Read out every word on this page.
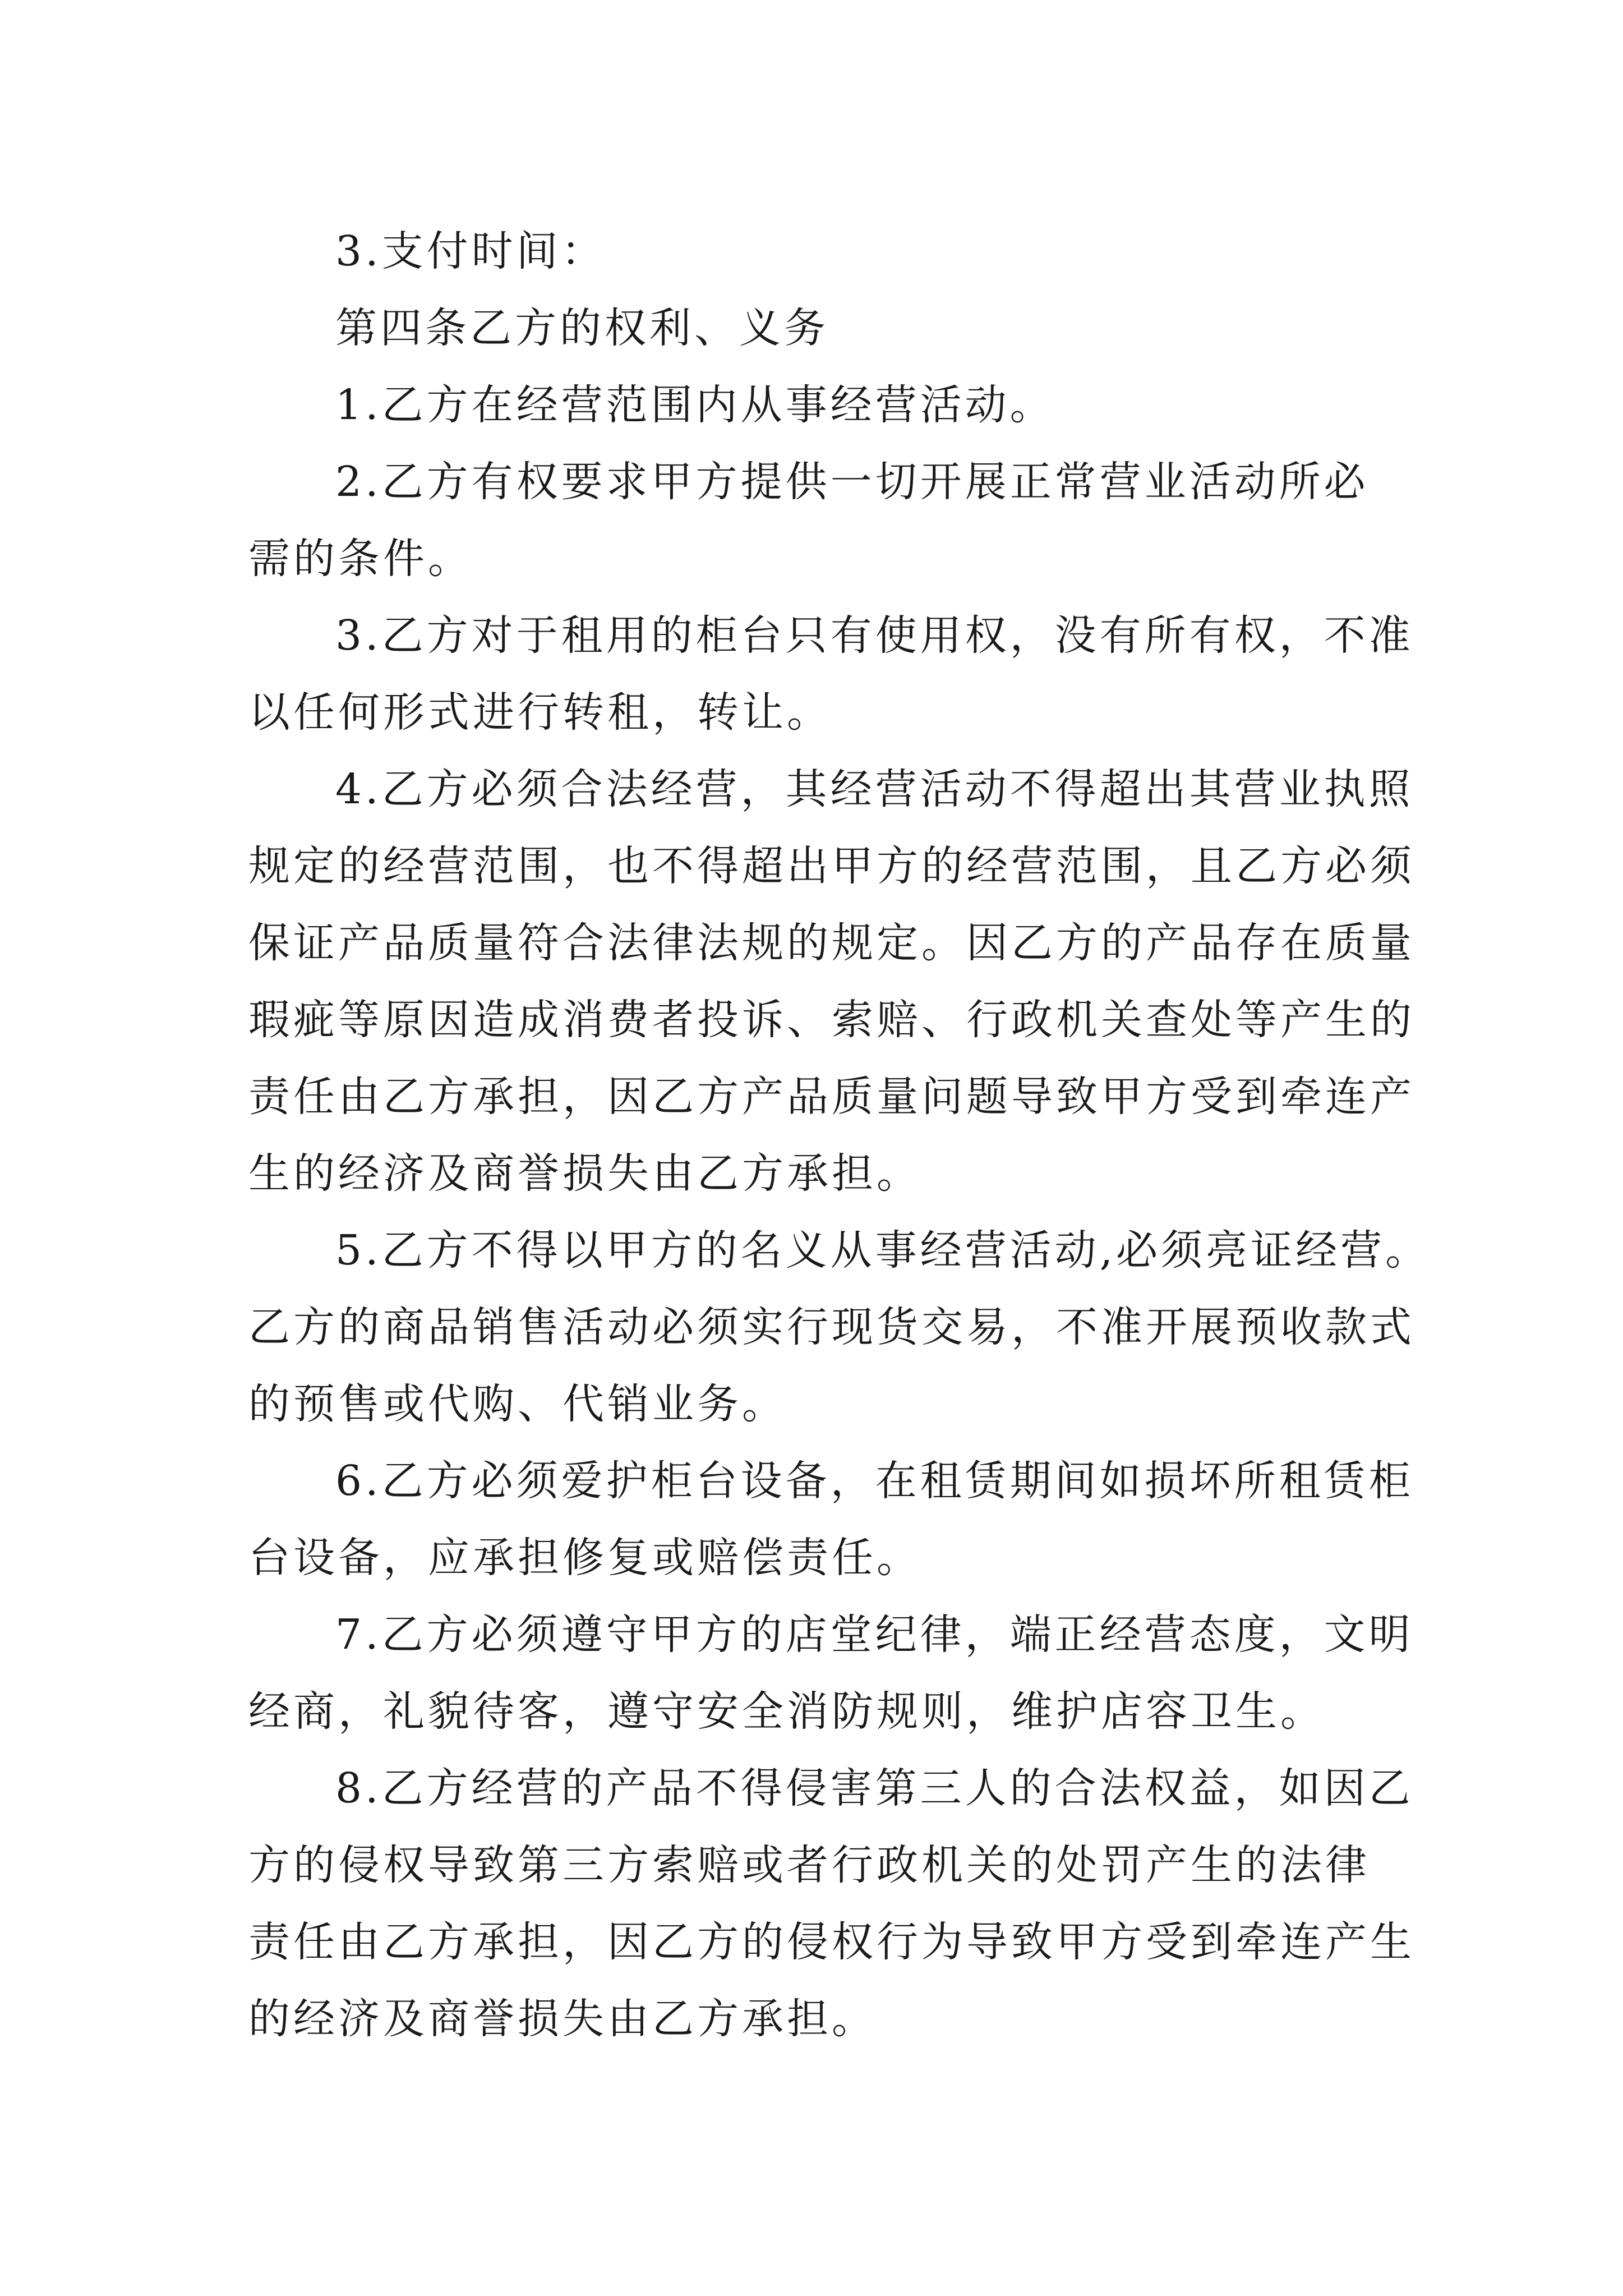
3.支付时间：
第四条乙方的权利、义务
1.乙方在经营范围内从事经营活动。
2.乙方有权要求甲方提供一切开展正常营业活动所必
需的条件。
3.乙方对于租用的柜台只有使用权，没有所有权，不准
以任何形式进行转租，转让。
4.乙方必须合法经营，其经营活动不得超出其营业执照
规定的经营范围，也不得超出甲方的经营范围，且乙方必须
保证产品质量符合法律法规的规定。因乙方的产品存在质量
瑕疵等原因造成消费者投诉、索赔、行政机关查处等产生的
责任由乙方承担，因乙方产品质量问题导致甲方受到牵连产
生的经济及商誉损失由乙方承担。
5.乙方不得以甲方的名义从事经营活动,必须亮证经营。
乙方的商品销售活动必须实行现货交易，不准开展预收款式
的预售或代购、代销业务。
6.乙方必须爱护柜台设备，在租赁期间如损坏所租赁柜
台设备，应承担修复或赔偿责任。
7.乙方必须遵守甲方的店堂纪律，端正经营态度，文明
经商，礼貌待客，遵守安全消防规则，维护店容卫生。
8.乙方经营的产品不得侵害第三人的合法权益，如因乙
方的侵权导致第三方索赔或者行政机关的处罚产生的法律
责任由乙方承担，因乙方的侵权行为导致甲方受到牵连产生
的经济及商誉损失由乙方承担。
